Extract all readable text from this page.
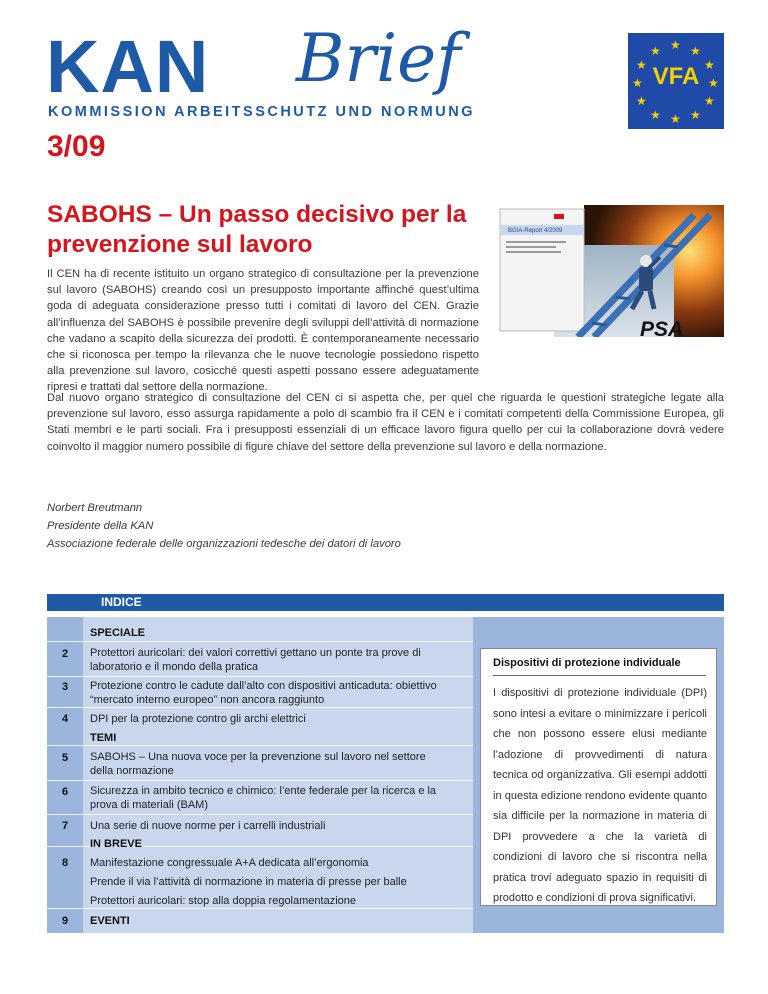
KAN Brief
KOMMISSION ARBEITSSCHUTZ UND NORMUNG
3/09
★ ★
★
★
★
★
★
★
★
★
★
★
VFA
SABOHS – Un passo decisivo per la prevenzione sul lavoro
Il CEN ha di recente istituito un organo strategico di consultazione per la prevenzione sul lavoro (SABOHS) creando così un presupposto importante affinché quest’ultima goda di adeguata considerazione presso tutti i comitati di lavoro del CEN. Grazie all’influenza del SABOHS è possibile prevenire degli sviluppi dell’attività di normazione che vadano a scapito della sicurezza dei prodotti. È contemporaneamente necessario che si riconosca per tempo la rilevanza che le nuove tecnologie possiedono rispetto alla prevenzione sul lavoro, cosicché questi aspetti possano essere adeguatamente ripresi e trattati dal settore della normazione.
Dal nuovo organo strategico di consultazione del CEN ci si aspetta che, per quel che riguarda le questioni strategiche legate alla prevenzione sul lavoro, esso assurga rapidamente a polo di scambio fra il CEN e i comitati competenti della Commissione Europea, gli Stati membri e le parti sociali. Fra i presupposti essenziali di un efficace lavoro figura quello per cui la collaborazione dovrà vedere coinvolto il maggior numero possibile di figure chiave del settore della prevenzione sul lavoro e della normazione.
Norbert Breutmann
Presidente della KAN
Associazione federale delle organizzazioni tedesche dei datori di lavoro
BGIA-Report 4/2009
PSA
INDICE
SPECIALE
TEMI
IN BREVE
EVENTI
2 Protettori auricolari: dei valori correttivi gettano un ponte tra prove di laboratorio e il mondo della pratica
3 Protezione contro le cadute dall’alto con dispositivi anticaduta: obiettivo “mercato interno europeo” non ancora raggiunto
4 DPI per la protezione contro gli archi elettrici
5 SABOHS – Una nuova voce per la prevenzione sul lavoro nel settore della normazione
6 Sicurezza in ambito tecnico e chimico: l’ente federale per la ricerca e la prova di materiali (BAM)
7 Una serie di nuove norme per i carrelli industriali
8 Manifestazione congressuale A+A dedicata all’ergonomia
Prende il via l’attività di normazione in materia di presse per balle
Protettori auricolari: stop alla doppia regolamentazione
9
Dispositivi di protezione individuale
I dispositivi di protezione individuale (DPI) sono intesi a evitare o minimizzare i pericoli che non possono essere elusi mediante l’adozione di provvedimenti di natura tecnica od organizzativa. Gli esempi addotti in questa edizione rendono evidente quanto sia difficile per la normazione in materia di DPI provvedere a che la varietà di condizioni di lavoro che si riscontra nella pratica trovi adeguato spazio in requisiti di prodotto e condizioni di prova significativi.
